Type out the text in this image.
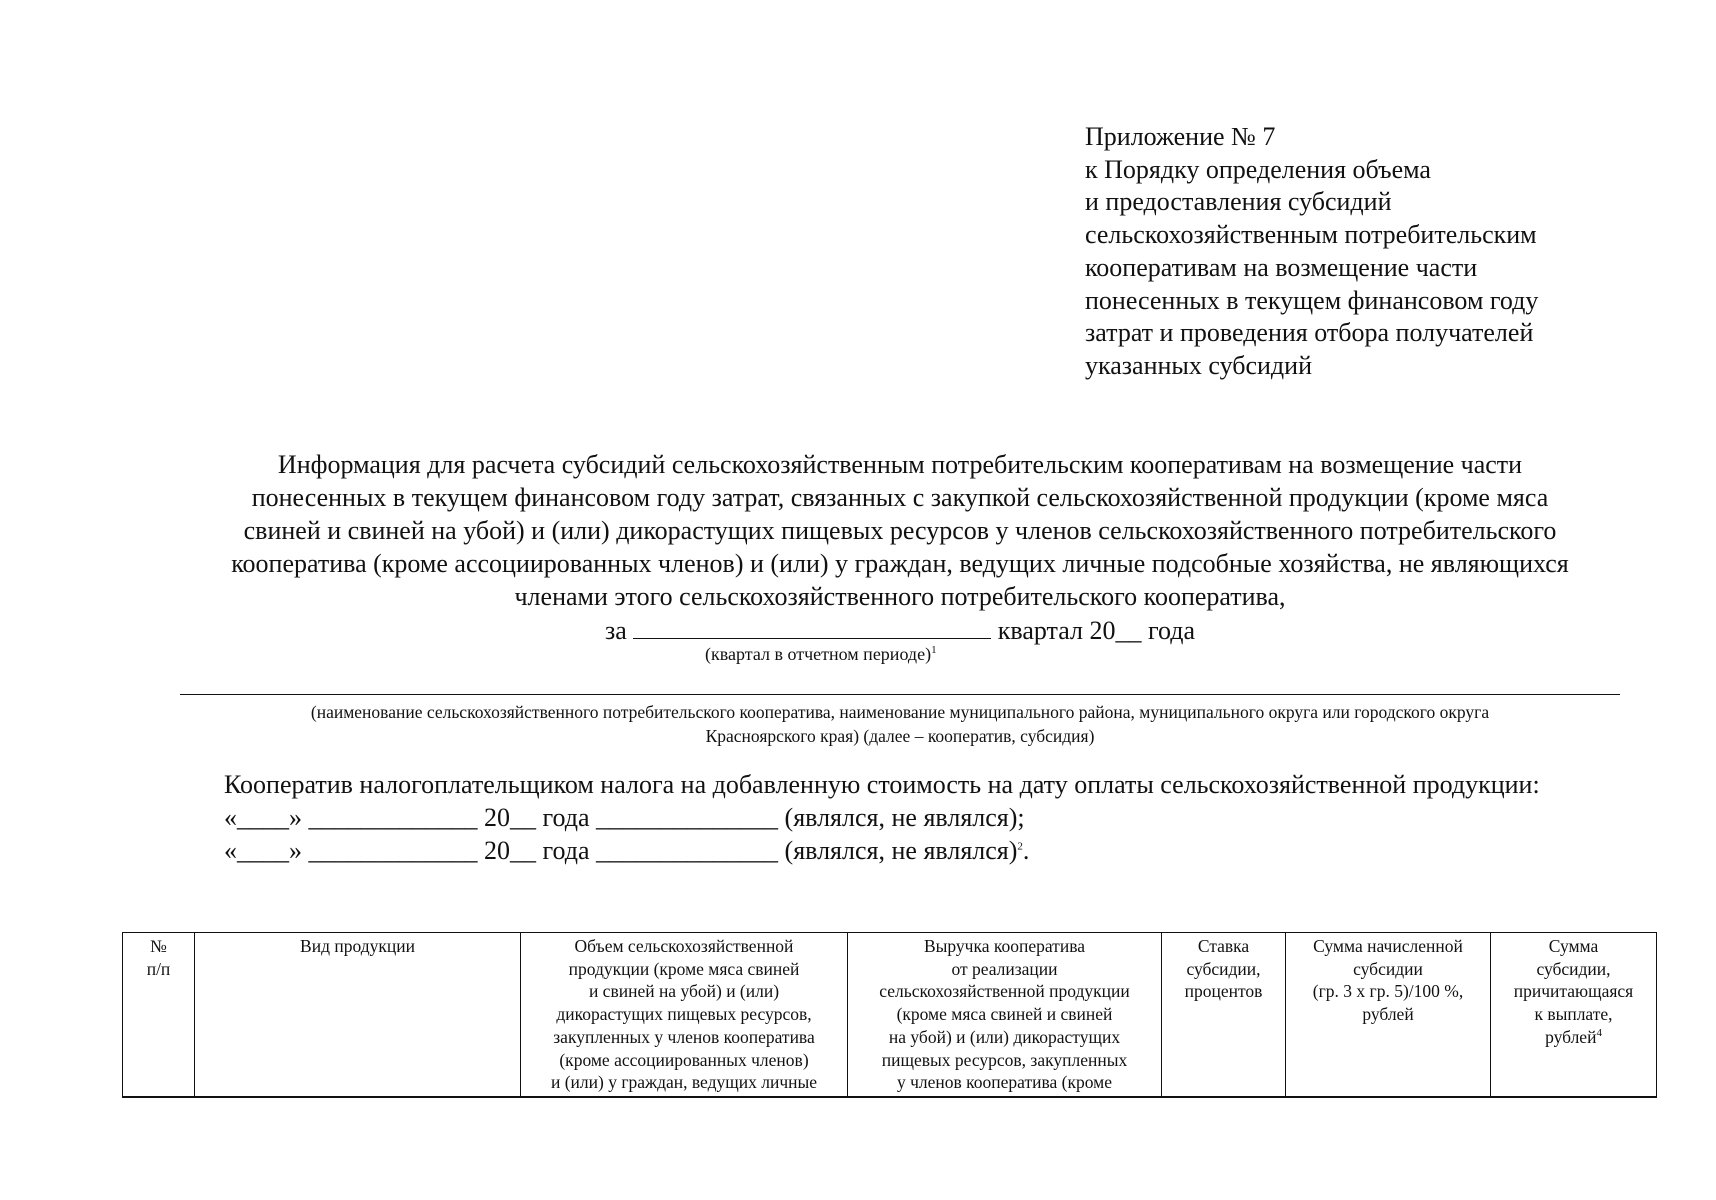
Приложение № 7
к Порядку определения объема
и предоставления субсидий
сельскохозяйственным потребительским
кооперативам на возмещение части
понесенных в текущем финансовом году
затрат и проведения отбора получателей
указанных субсидий
Информация для расчета субсидий сельскохозяйственным потребительским кооперативам на возмещение части
понесенных в текущем финансовом году затрат, связанных с закупкой сельскохозяйственной продукции (кроме мяса
свиней и свиней на убой) и (или) дикорастущих пищевых ресурсов у членов сельскохозяйственного потребительского
кооператива (кроме ассоциированных членов) и (или) у граждан, ведущих личные подсобные хозяйства, не являющихся
членами этого сельскохозяйственного потребительского кооператива,
за	квартал 20__ года
(квартал в отчетном периоде)$^1$
(наименование сельскохозяйственного потребительского кооператива, наименование муниципального района, муниципального округа или городского округа
Красноярского края) (далее – кооператив, субсидия)
Кооператив налогоплательщиком налога на добавленную стоимость на дату оплаты сельскохозяйственной продукции:
«____» _____________ 20__ года ______________ (являлся, не являлся);
«____» _____________ 20__ года ______________ (являлся, не являлся)$^2$.
№
п/п

Вид продукции	Объем сельскохозяйственной
продукции (кроме мяса свиней
и свиней на убой) и (или)
дикорастущих пищевых ресурсов,
закупленных у членов кооператива
(кроме ассоциированных членов)
и (или) у граждан, ведущих личные

Выручка кооператива
от реализации
сельскохозяйственной продукции
(кроме мяса свиней и свиней
на убой) и (или) дикорастущих
пищевых ресурсов, закупленных
у членов кооператива (кроме

Ставка
субсидии,
процентов

Сумма начисленной
субсидии
(гр. 3 х гр. 5)/100 %,
рублей

Сумма
субсидии,
причитающаяся
к выплате,
рублей$^4$
